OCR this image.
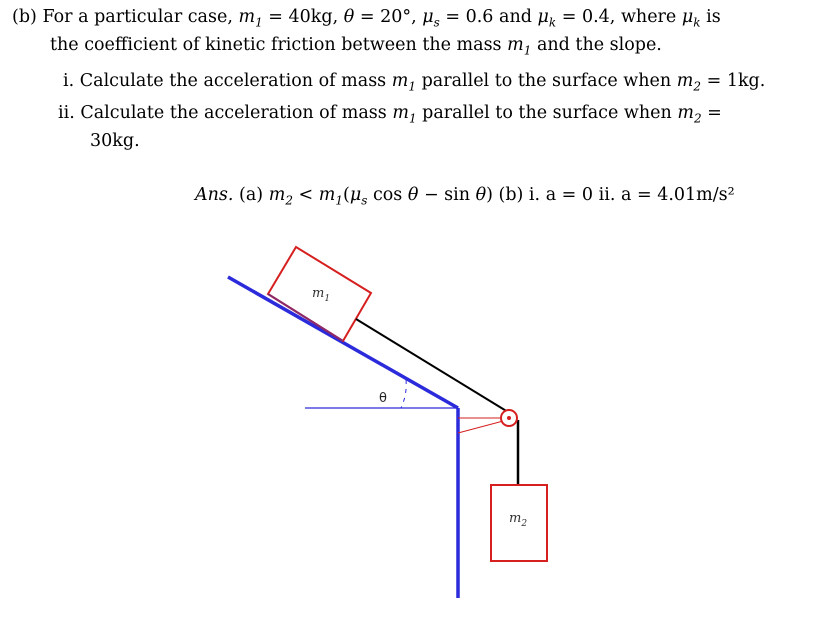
(b) For a particular case, $m_1 = 40kg$, θ = 20°, $\mu_s = 0.6$ and $\mu_k = 0.4$, where $\mu_k$ is
the coefficient of kinetic friction between the mass $m_1$ and the slope.
i. Calculate the acceleration of mass $m_1$ parallel to the surface when $m_2 = 1kg$.
ii. Calculate the acceleration of mass $m_1$ parallel to the surface when $m_2$ =
30kg.
Ans. (a) $m_2 < m_1(\mu_s$ cos θ − sin θ) (b) i. a = 0 ii. a = 4.01m/s²
$m_1$
$m_2$
θ
